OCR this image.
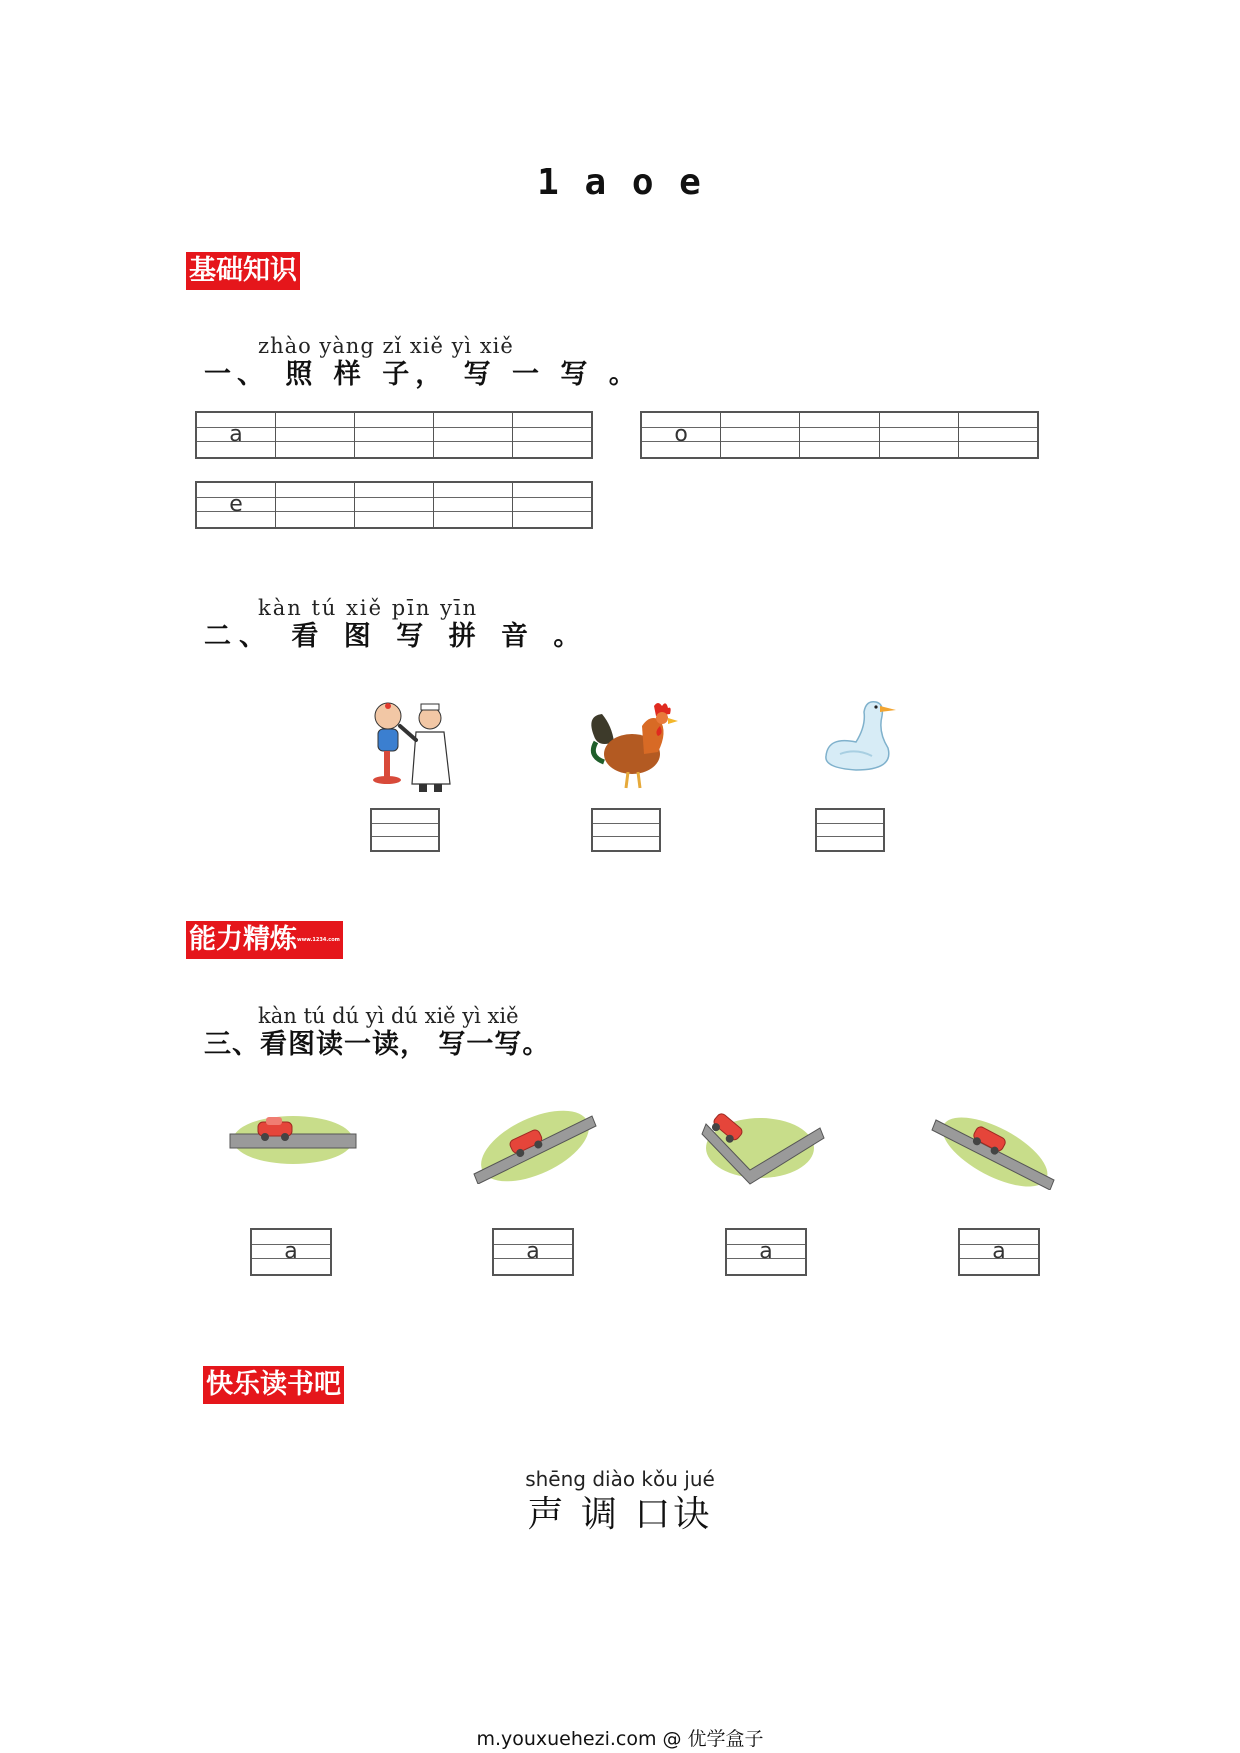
1 a o e
基础知识
zhào yàng zǐ xiě yì xiě
一、 照 样 子， 写 一 写 。
a	o
e
kàn tú xiě pīn yīn
二、 看 图 写 拼 音 。
能力精炼www.1234.com
kàn tú dú yì dú xiě yì xiě
三、看图读一读， 写一写。
a	a	a	a
快乐读书吧
shēng diào kǒu jué
声 调 口诀
m.youxuehezi.com @ 优学盒子
